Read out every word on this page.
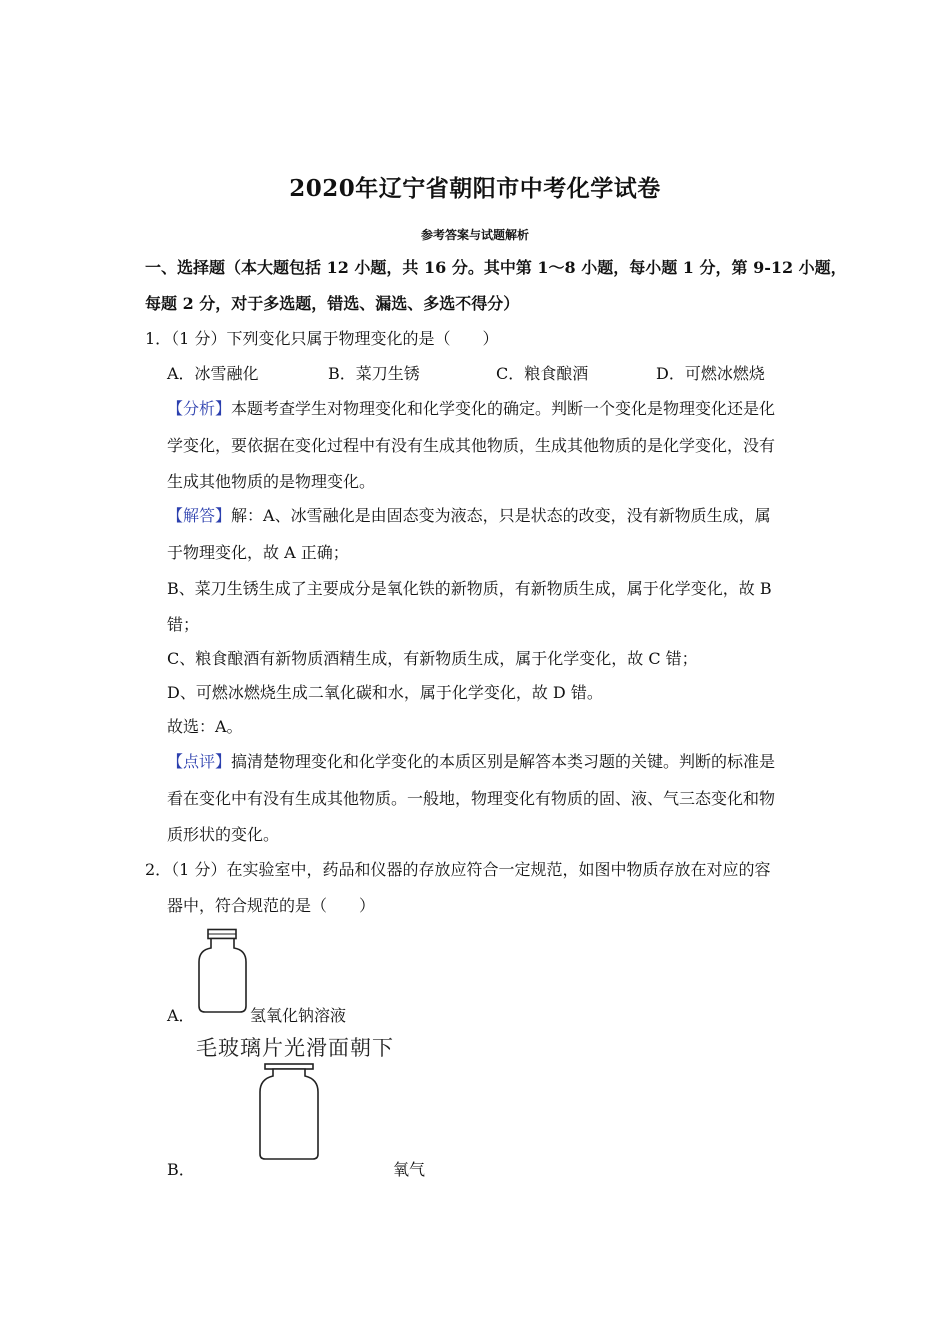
2020年辽宁省朝阳市中考化学试卷
参考答案与试题解析
一、选择题（本大题包括 12 小题，共 16 分。其中第 1～8 小题，每小题 1 分，第 9-12 小题，
每题 2 分，对于多选题，错选、漏选、多选不得分）
1．（1 分）下列变化只属于物理变化的是（　　）
A．冰雪融化	B．菜刀生锈	C．粮食酿酒	D．可燃冰燃烧
【分析】本题考查学生对物理变化和化学变化的确定。判断一个变化是物理变化还是化
学变化，要依据在变化过程中有没有生成其他物质，生成其他物质的是化学变化，没有
生成其他物质的是物理变化。
【解答】解：A、冰雪融化是由固态变为液态，只是状态的改变，没有新物质生成，属
于物理变化，故 A 正确；
B、菜刀生锈生成了主要成分是氧化铁的新物质，有新物质生成，属于化学变化，故 B
错；
C、粮食酿酒有新物质酒精生成，有新物质生成，属于化学变化，故 C 错；
D、可燃冰燃烧生成二氧化碳和水，属于化学变化，故 D 错。
故选：A。
【点评】搞清楚物理变化和化学变化的本质区别是解答本类习题的关键。判断的标准是
看在变化中有没有生成其他物质。一般地，物理变化有物质的固、液、气三态变化和物
质形状的变化。
2．（1 分）在实验室中，药品和仪器的存放应符合一定规范，如图中物质存放在对应的容
器中，符合规范的是（　　）
A．	氢氧化钠溶液
毛玻璃片光滑面朝下
B．	氧气
